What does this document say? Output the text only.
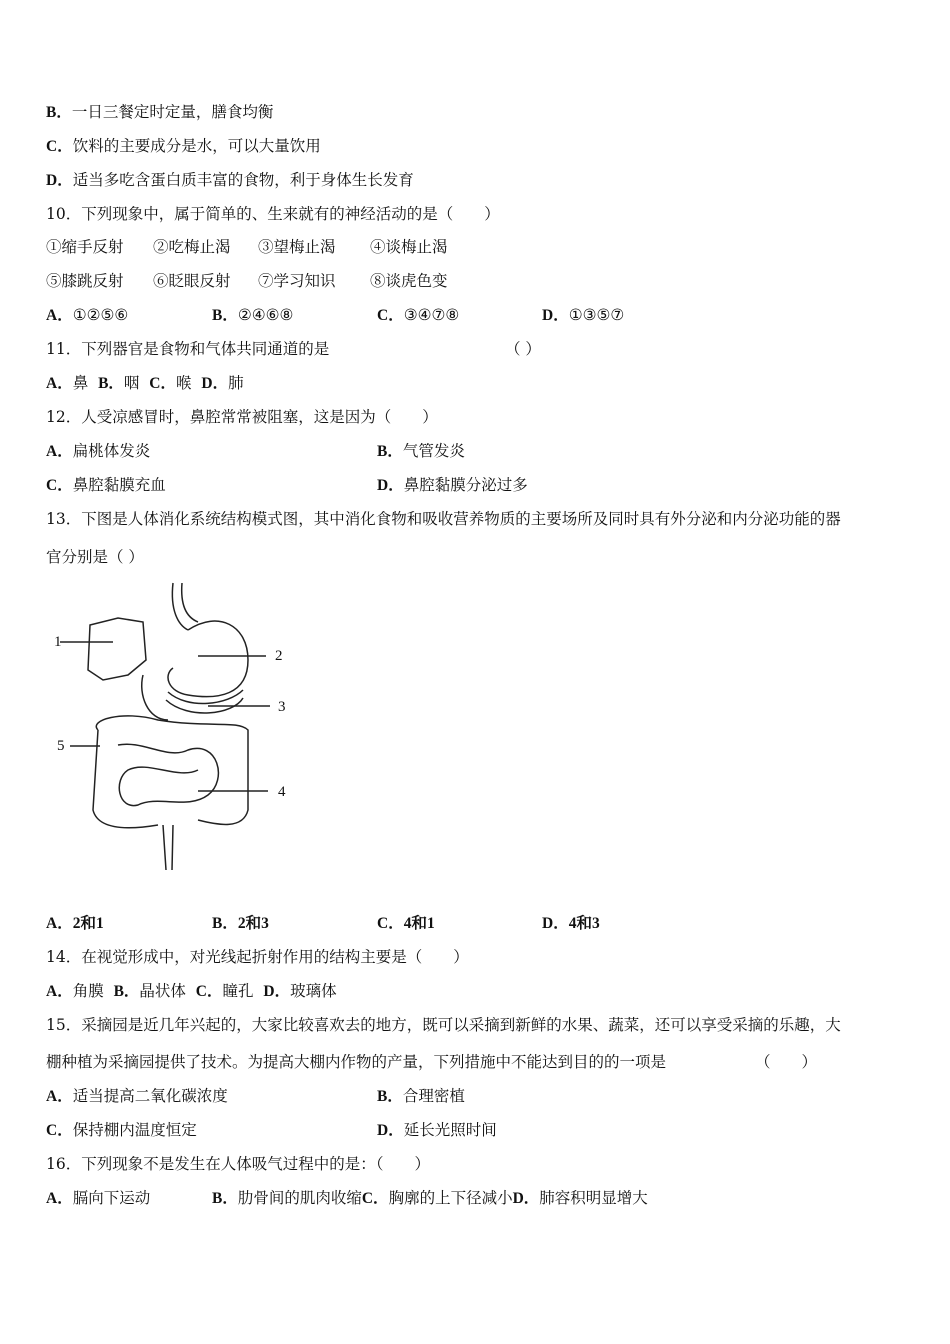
B．一日三餐定时定量，膳食均衡
C．饮料的主要成分是水，可以大量饮用
D．适当多吃含蛋白质丰富的食物，利于身体生长发育
10．下列现象中，属于简单的、生来就有的神经活动的是（　　）
①缩手反射 ②吃梅止渴 ③望梅止渴 ④谈梅止渴
⑤膝跳反射 ⑥眨眼反射 ⑦学习知识 ⑧谈虎色变
A．①②⑤⑥	B．②④⑥⑧	C．③④⑦⑧	D．①③⑤⑦
11．下列器官是食物和气体共同通道的是	（ ）
A．鼻 B．咽 C．喉 D．肺
12．人受凉感冒时，鼻腔常常被阻塞，这是因为（　　）
A．扁桃体发炎	B．气管发炎
C．鼻腔黏膜充血	D．鼻腔黏膜分泌过多
13．下图是人体消化系统结构模式图，其中消化食物和吸收营养物质的主要场所及同时具有外分泌和内分泌功能的器
官分别是（ ）
1
2
3
4
5
A．2和1	B．2和3	C．4和1	D．4和3
14．在视觉形成中，对光线起折射作用的结构主要是（　　）
A．角膜 B．晶状体 C．瞳孔 D．玻璃体
15．采摘园是近几年兴起的，大家比较喜欢去的地方，既可以采摘到新鲜的水果、蔬菜，还可以享受采摘的乐趣，大
棚种植为采摘园提供了技术。为提高大棚内作物的产量，下列措施中不能达到目的的一项是	（　　）
A．适当提高二氧化碳浓度	B．合理密植
C．保持棚内温度恒定	D．延长光照时间
16．下列现象不是发生在人体吸气过程中的是：（　　）
A．膈向下运动	B．肋骨间的肌肉收缩C．胸廓的上下径减小D．肺容积明显增大
